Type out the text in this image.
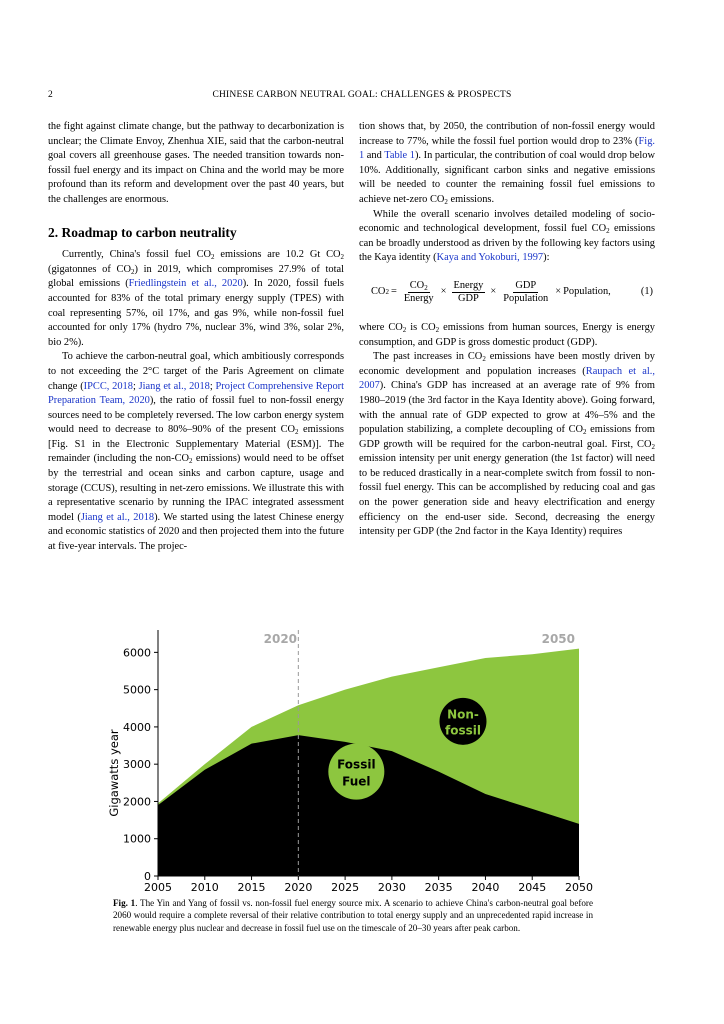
2	CHINESE CARBON NEUTRAL GOAL: CHALLENGES & PROSPECTS

the fight against climate change, but the pathway to decarbonization is unclear; the Climate Envoy, Zhenhua XIE, said that the carbon-neutral goal covers all greenhouse gases. The needed transition towards non-fossil fuel energy and its impact on China and the world may be more profound than its reform and development over the past 40 years, but the challenges are enormous.

2. Roadmap to carbon neutrality

Currently, China's fossil fuel $CO_2$ emissions are 10.2 Gt $CO_2$ (gigatonnes of $CO_2$) in 2019, which compromises 27.9% of total global emissions (Friedlingstein et al., 2020). In 2020, fossil fuels accounted for 83% of the total primary energy supply (TPES) with coal representing 57%, oil 17%, and gas 9%, while non-fossil fuel accounted for only 17% (hydro 7%, nuclear 3%, wind 3%, solar 2%, bio 2%).

To achieve the carbon-neutral goal, which ambitiously corresponds to not exceeding the 2°C target of the Paris Agreement on climate change (IPCC, 2018; Jiang et al., 2018; Project Comprehensive Report Preparation Team, 2020), the ratio of fossil fuel to non-fossil energy sources need to be completely reversed. The low carbon energy system would need to decrease to 80%–90% of the present $CO_2$ emissions [Fig. S1 in the Electronic Supplementary Material (ESM)]. The remainder (including the non-$CO_2$ emissions) would need to be offset by the terrestrial and ocean sinks and carbon capture, usage and storage (CCUS), resulting in net-zero emissions. We illustrate this with a representative scenario by running the IPAC integrated assessment model (Jiang et al., 2018). We started using the latest Chinese energy and economic statistics of 2020 and then projected them into the future at five-year intervals. The projec-

tion shows that, by 2050, the contribution of non-fossil energy would increase to 77%, while the fossil fuel portion would drop to 23% (Fig. 1 and Table 1). In particular, the contribution of coal would drop below 10%. Additionally, significant carbon sinks and negative emissions will be needed to counter the remaining fossil fuel emissions to achieve net-zero $CO_2$ emissions.

While the overall scenario involves detailed modeling of socio-economic and technological development, fossil fuel $CO_2$ emissions can be broadly understood as driven by the following key factors using the Kaya identity (Kaya and Yokoburi, 1997):

CO $2 = \frac{CO_2}{\text{Energy}} \times \frac{\text{Energy}}{\text{GDP}} \times \frac{\text{GDP}}{\text{Population}}$ × Population,	(1)

where $CO_2$ is $CO_2$ emissions from human sources, Energy is energy consumption, and GDP is gross domestic product (GDP).

The past increases in $CO_2$ emissions have been mostly driven by economic development and population increases (Raupach et al., 2007). China's GDP has increased at an average rate of 9% from 1980–2019 (the 3rd factor in the Kaya Identity above). Going forward, with the annual rate of GDP expected to grow at 4%–5% and the population stabilizing, a complete decoupling of $CO_2$ emissions from GDP growth will be required for the carbon-neutral goal. First, $CO_2$ emission intensity per unit energy generation (the 1st factor) will need to be reduced drastically in a near-complete switch from fossil to non-fossil fuel energy. This can be accomplished by reducing coal and gas on the power generation side and heavy electrification and energy efficiency on the end-user side. Second, decreasing the energy intensity per GDP (the 2nd factor in the Kaya Identity) requires

2020	2050
Non-
fossil
Fossil
Fuel
0
1000
2000
3000
4000
5000
6000
2005 2010 2015 2020 2025 2030 2035 2040 2045 2050
Gigawatts year
Fig. 1. The Yin and Yang of fossil vs. non-fossil fuel energy source mix. A scenario to achieve China's carbon-neutral goal before 2060 would require a complete reversal of their relative contribution to total energy supply and an unprecedented rapid increase in renewable energy plus nuclear and decrease in fossil fuel use on the timescale of 20–30 years after peak carbon.
